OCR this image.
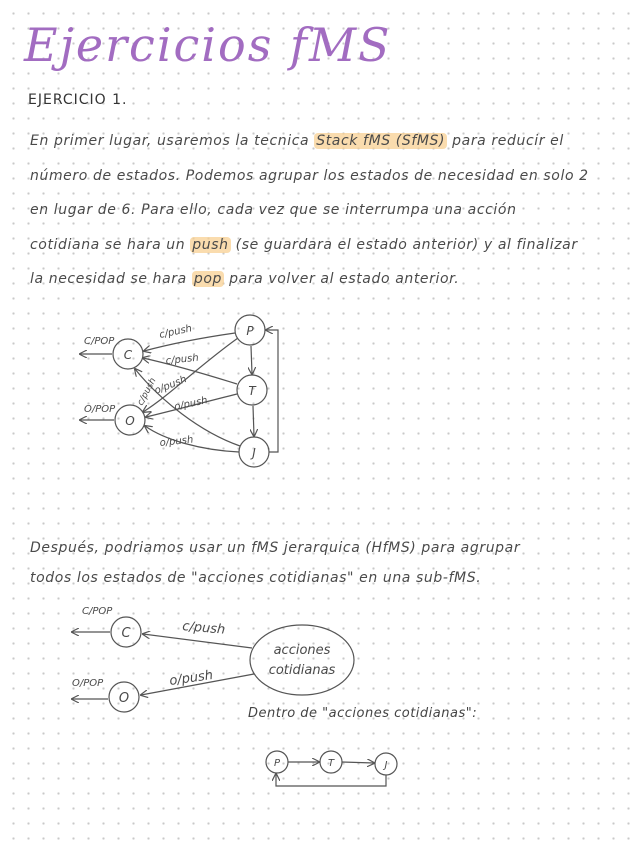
Ejercicios fMS
EJERCICIO 1.
En primer lugar, usaremos la tecnica Stack fMS (SfMS) para reducir el
número de estados. Podemos agrupar los estados de necesidad en solo 2
en lugar de 6. Para ello, cada vez que se interrumpa una acción
cotidiana se hara un push (se guardara el estado anterior) y al finalizar
la necesidad se hara pop para volver al estado anterior.
Después, podriamos usar un fMS jerarquica (HfMS) para agrupar
todos los estados de "acciones cotidianas" en una sub-fMS.
Dentro de "acciones cotidianas":
P
C
T
O
J
C/POP
O/POP
c/push
c/push
c/push
o/push
o/push
o/push
C
O
acciones
cotidianas
C/POP
O/POP
c/push
o/push
P	T	J
